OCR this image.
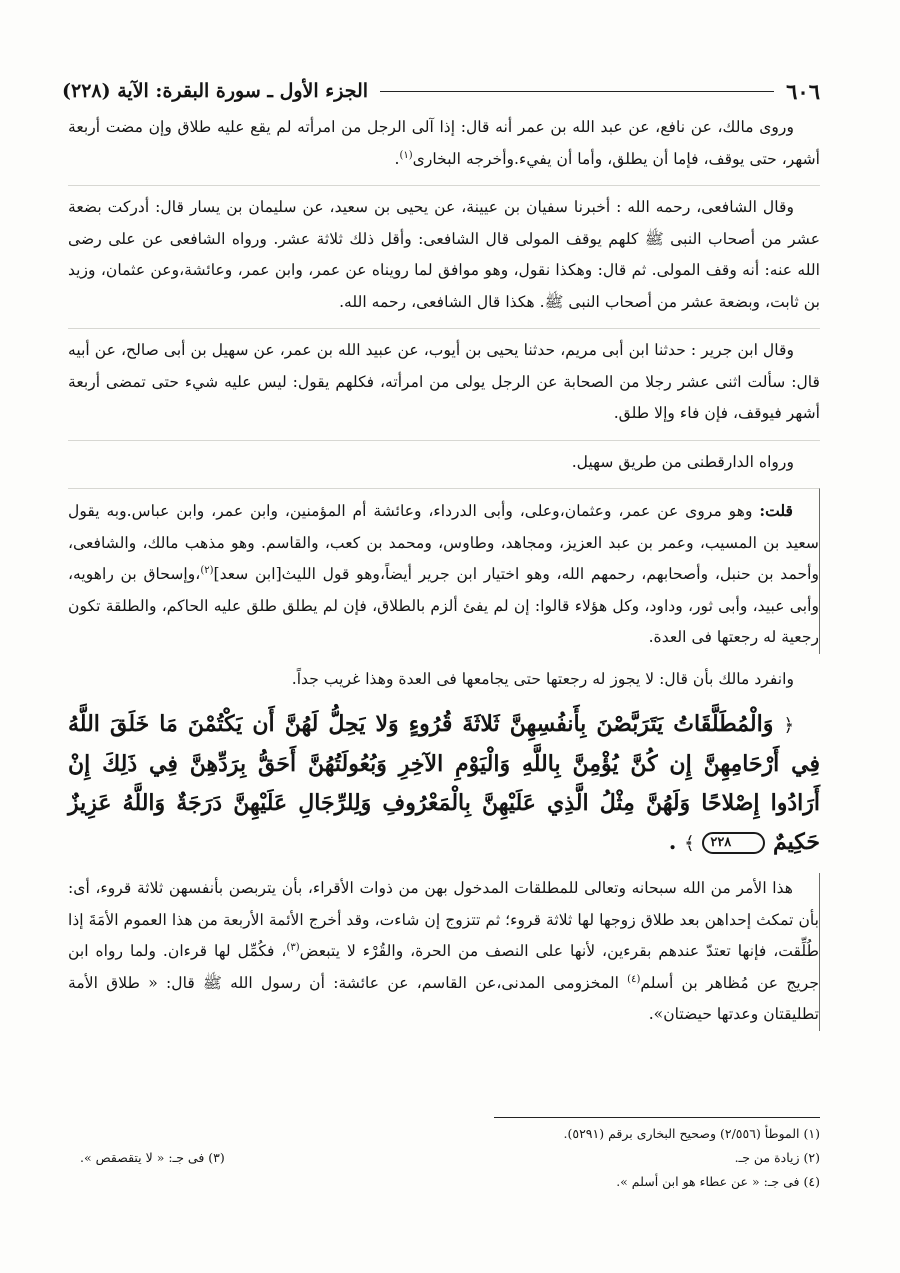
٦٠٦
الجزء الأول ـ سورة البقرة: الآية (٢٢٨)

وروى مالك، عن نافع، عن عبد الله بن عمر أنه قال: إذا آلى الرجل من امرأته لم يقع عليه طلاق وإن مضت أربعة أشهر، حتى يوقف، فإما أن يطلق، وأما أن يفيء.وأخرجه البخارى$^{(١)}$.

وقال الشافعى، رحمه الله : أخبرنا سفيان بن عيينة، عن يحيى بن سعيد، عن سليمان بن يسار قال: أدركت بضعة عشر من أصحاب النبى ﷺ كلهم يوقف المولى قال الشافعى: وأقل ذلك ثلاثة عشر. ورواه الشافعى عن على رضى الله عنه: أنه وقف المولى. ثم قال: وهكذا نقول، وهو موافق لما رويناه عن عمر، وابن عمر، وعائشة،وعن عثمان، وزيد بن ثابت، وبضعة عشر من أصحاب النبى ﷺ. هكذا قال الشافعى، رحمه الله.

وقال ابن جرير : حدثنا ابن أبى مريم، حدثنا يحيى بن أيوب، عن عبيد الله بن عمر، عن سهيل بن أبى صالح، عن أبيه قال: سألت اثنى عشر رجلا من الصحابة عن الرجل يولى من امرأته، فكلهم يقول: ليس عليه شيء حتى تمضى أربعة أشهر فيوقف، فإن فاء وإلا طلق.

ورواه الدارقطنى من طريق سهيل.

قلت: وهو مروى عن عمر، وعثمان،وعلى، وأبى الدرداء، وعائشة أم المؤمنين، وابن عمر، وابن عباس.وبه يقول سعيد بن المسيب، وعمر بن عبد العزيز، ومجاهد، وطاوس، ومحمد بن كعب، والقاسم. وهو مذهب مالك، والشافعى، وأحمد بن حنبل، وأصحابهم، رحمهم الله، وهو اختيار ابن جرير أيضاً،وهو قول الليث[ابن سعد]$^{(٢)}$،وإسحاق بن راهويه، وأبى عبيد، وأبى ثور، وداود، وكل هؤلاء قالوا: إن لم يفئ ألزم بالطلاق، فإن لم يطلق طلق عليه الحاكم، والطلقة تكون رجعية له رجعتها فى العدة.

وانفرد مالك بأن قال: لا يجوز له رجعتها حتى يجامعها فى العدة وهذا غريب جداً.

﴿ وَالْمُطَلَّقَاتُ يَتَرَبَّصْنَ بِأَنفُسِهِنَّ ثَلاثَةَ قُرُوءٍ وَلا يَحِلُّ لَهُنَّ أَن يَكْتُمْنَ مَا خَلَقَ اللَّهُ فِي أَرْحَامِهِنَّ إِن كُنَّ يُؤْمِنَّ بِاللَّهِ وَالْيَوْمِ الآخِرِ وَبُعُولَتُهُنَّ أَحَقُّ بِرَدِّهِنَّ فِي ذَلِكَ إِنْ أَرَادُوا إِصْلاحًا وَلَهُنَّ مِثْلُ الَّذِي عَلَيْهِنَّ بِالْمَعْرُوفِ وَلِلرِّجَالِ عَلَيْهِنَّ دَرَجَةٌ وَاللَّهُ عَزِيزٌ حَكِيمٌ ٢٢٨ ﴾ .

هذا الأمر من الله سبحانه وتعالى للمطلقات المدخول بهن من ذوات الأقراء، بأن يتربصن بأنفسهن ثلاثة قروء، أى: بأن تمكث إحداهن بعد طلاق زوجها لها ثلاثة قروء؛ ثم تتزوج إن شاءت، وقد أخرج الأئمة الأربعة من هذا العموم الأمَةَ إذا طُلِّقت، فإنها تعتدّ عندهم بقرءين، لأنها على النصف من الحرة، والقُرْء لا يتبعض$^{(٣)}$، فكُمِّل لها قرءان. ولما رواه ابن جريج عن مُظاهر بن أسلم$^{(٤)}$ المخزومى المدنى،عن القاسم، عن عائشة: أن رسول الله ﷺ قال: « طلاق الأمة تطليقتان وعدتها حيضتان».

(١) الموطأ (٢/٥٥٦) وصحيح البخارى برقم (٥٢٩١).
(٢) زيادة من جـ.
(٣) فى جـ: « لا يتقصقص ».
(٤) فى جـ: « عن عطاء هو ابن أسلم ».
